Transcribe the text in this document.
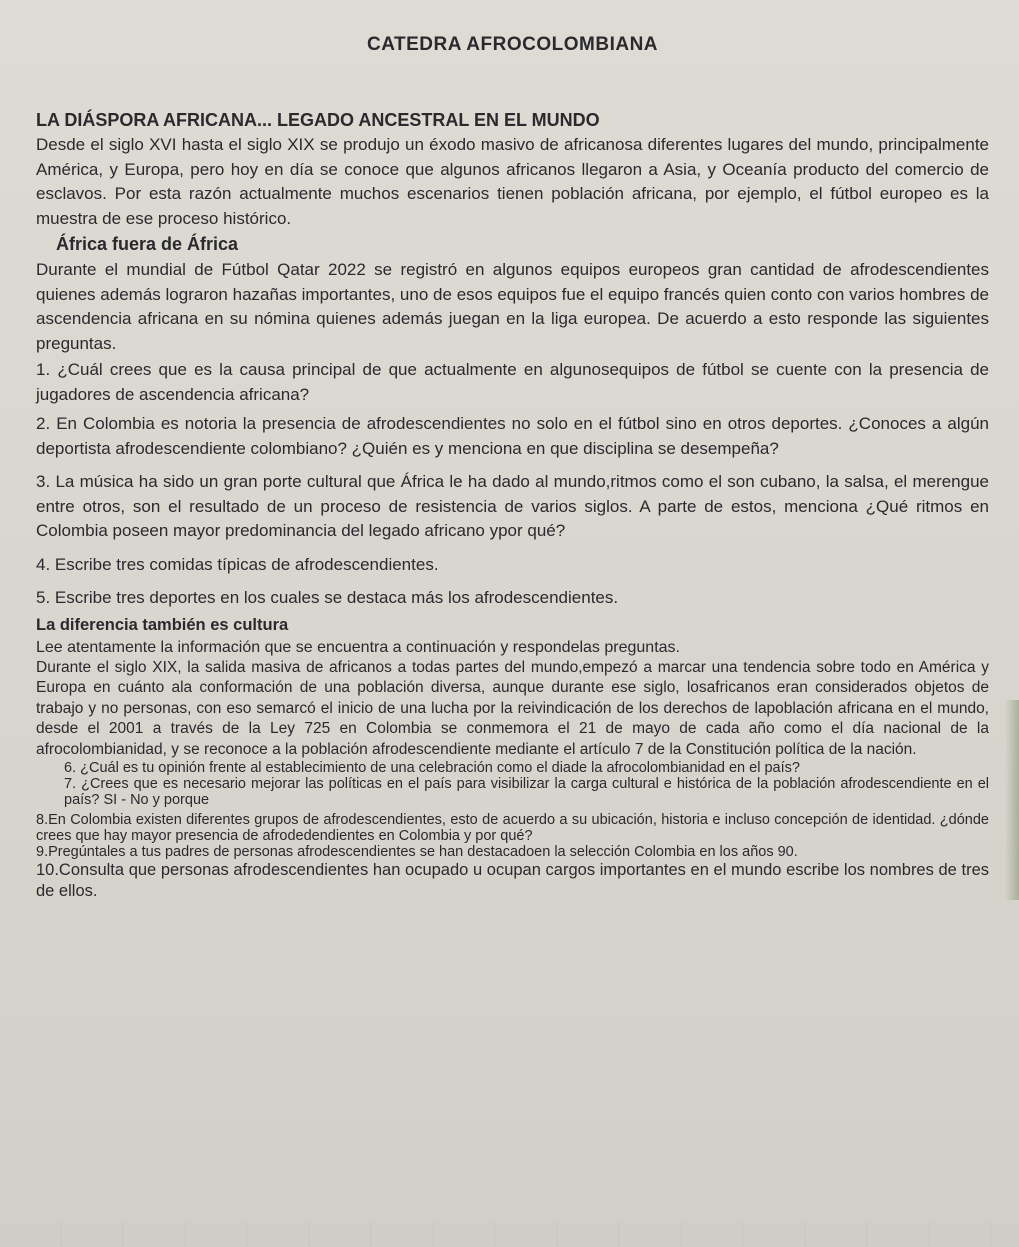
CATEDRA AFROCOLOMBIANA
LA DIÁSPORA AFRICANA... LEGADO ANCESTRAL EN EL MUNDO

Desde el siglo XVI hasta el siglo XIX se produjo un éxodo masivo de africanosa diferentes lugares del mundo, principalmente América, y Europa, pero hoy en día se conoce que algunos africanos llegaron a Asia, y Oceanía producto del comercio de esclavos. Por esta razón actualmente muchos escenarios tienen población africana, por ejemplo, el fútbol europeo es la muestra de ese proceso histórico.

África fuera de África

Durante el mundial de Fútbol Qatar 2022 se registró en algunos equipos europeos gran cantidad de afrodescendientes quienes además lograron hazañas importantes, uno de esos equipos fue el equipo francés quien conto con varios hombres de ascendencia africana en su nómina quienes además juegan en la liga europea. De acuerdo a esto responde las siguientes preguntas.

1. ¿Cuál crees que es la causa principal de que actualmente en algunosequipos de fútbol se cuente con la presencia de jugadores de ascendencia africana?

2. En Colombia es notoria la presencia de afrodescendientes no solo en el fútbol sino en otros deportes. ¿Conoces a algún deportista afrodescendiente colombiano? ¿Quién es y menciona en que disciplina se desempeña?

3. La música ha sido un gran porte cultural que África le ha dado al mundo,ritmos como el son cubano, la salsa, el merengue entre otros, son el resultado de un proceso de resistencia de varios siglos. A parte de estos, menciona ¿Qué ritmos en Colombia poseen mayor predominancia del legado africano ypor qué?

4. Escribe tres comidas típicas de afrodescendientes.

5. Escribe tres deportes en los cuales se destaca más los afrodescendientes.

La diferencia también es cultura

Lee atentamente la información que se encuentra a continuación y respondelas preguntas.

Durante el siglo XIX, la salida masiva de africanos a todas partes del mundo,empezó a marcar una tendencia sobre todo en América y Europa en cuánto ala conformación de una población diversa, aunque durante ese siglo, losafricanos eran considerados objetos de trabajo y no personas, con eso semarcó el inicio de una lucha por la reivindicación de los derechos de lapoblación africana en el mundo, desde el 2001 a través de la Ley 725 en Colombia se conmemora el 21 de mayo de cada año como el día nacional de la afrocolombianidad, y se reconoce a la población afrodescendiente mediante el artículo 7 de la Constitución política de la nación.

6. ¿Cuál es tu opinión frente al establecimiento de una celebración como el diade la afrocolombianidad en el país?

7. ¿Crees que es necesario mejorar las políticas en el país para visibilizar la carga cultural e histórica de la población afrodescendiente en el país? SI - No y porque

8.En Colombia existen diferentes grupos de afrodescendientes, esto de acuerdo a su ubicación, historia e incluso concepción de identidad. ¿dónde crees que hay mayor presencia de afrodedendientes en Colombia y por qué?

9.Pregúntales a tus padres de personas afrodescendientes se han destacadoen la selección Colombia en los años 90.

10.Consulta que personas afrodescendientes han ocupado u ocupan cargos importantes en el mundo escribe los nombres de tres de ellos.
